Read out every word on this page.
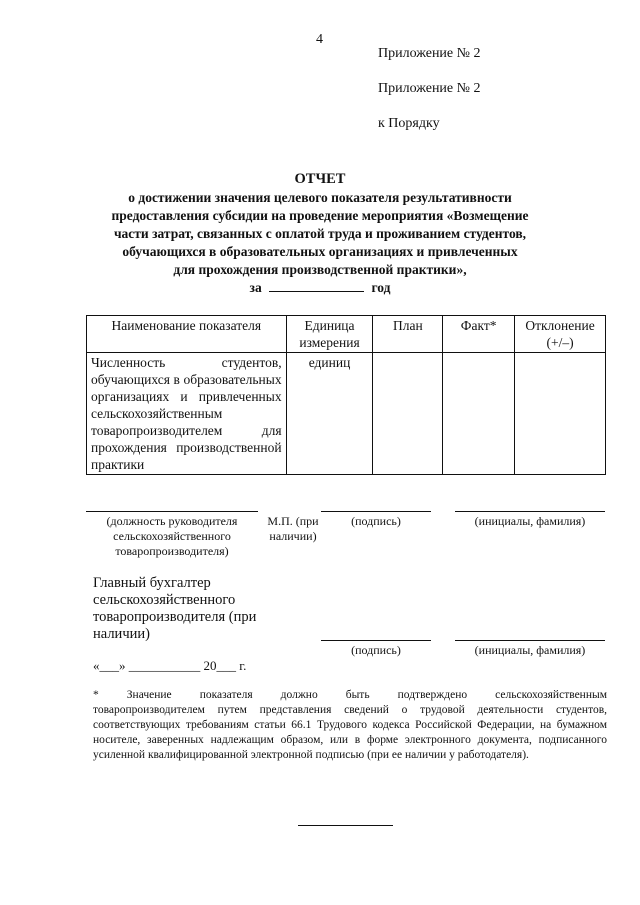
4
Приложение № 2
Приложение № 2
к Порядку
ОТЧЕТ
о достижении значения целевого показателя результативности
предоставления субсидии на проведение мероприятия «Возмещение
части затрат, связанных с оплатой труда и проживанием студентов,
обучающихся в образовательных организациях и привлеченных
для прохождения производственной практики»,
за	год
Наименование показателя	Единица измерения	План	Факт*	Отклонение (+/–)
Численность студентов, обучающихся в образовательных организациях и привлеченных сельскохозяйственным товаропроизводителем для прохождения производственной практики	единиц			
(должность руководителя сельскохозяйственного товаропроизводителя)
М.П. (при наличии)
(подпись)	(инициалы, фамилия)
Главный бухгалтер сельскохозяйственного товаропроизводителя (при наличии)
(подпись)	(инициалы, фамилия)
«___» ___________ 20___ г.
* Значение показателя должно быть подтверждено сельскохозяйственным
товаропроизводителем путем представления сведений о трудовой деятельности студентов, соответствующих требованиям статьи 66.1 Трудового кодекса Российской Федерации, на бумажном носителе, заверенных надлежащим образом, или в форме электронного документа, подписанного усиленной квалифицированной электронной подписью (при ее наличии у работодателя).
